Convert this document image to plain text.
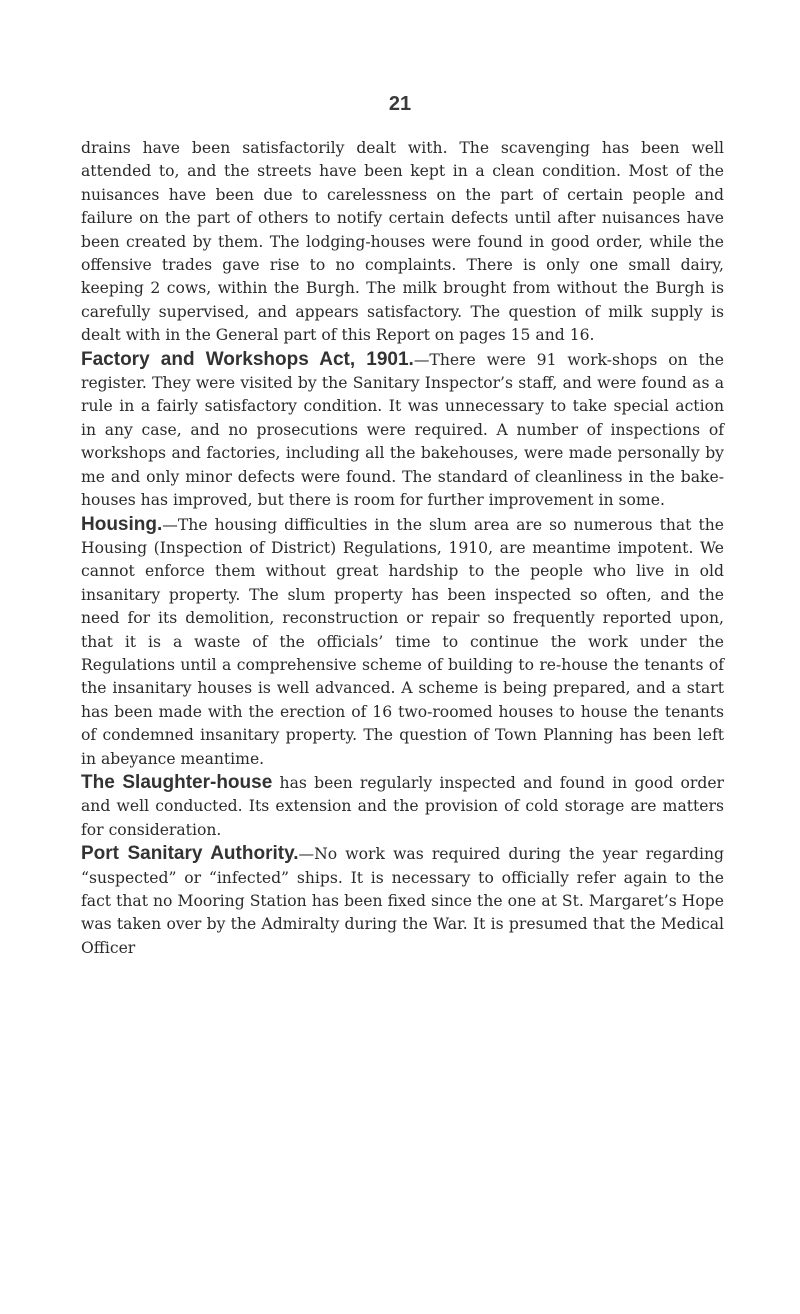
21

drains have been satisfactorily dealt with. The scavenging has been well attended to, and the streets have been kept in a clean condition. Most of the nuisances have been due to carelessness on the part of certain people and failure on the part of others to notify certain defects until after nuisances have been created by them. The lodging-houses were found in good order, while the offensive trades gave rise to no complaints. There is only one small dairy, keeping 2 cows, within the Burgh. The milk brought from without the Burgh is carefully supervised, and appears satisfactory. The question of milk supply is dealt with in the General part of this Report on pages 15 and 16.

Factory and Workshops Act, 1901.—There were 91 work-shops on the register. They were visited by the Sanitary Inspector’s staff, and were found as a rule in a fairly satisfactory condition. It was unnecessary to take special action in any case, and no prosecutions were required. A number of inspections of workshops and factories, including all the bakehouses, were made personally by me and only minor defects were found. The standard of cleanliness in the bake-houses has improved, but there is room for further improvement in some.

Housing.—The housing difficulties in the slum area are so numerous that the Housing (Inspection of District) Regulations, 1910, are meantime impotent. We cannot enforce them without great hardship to the people who live in old insanitary property. The slum property has been inspected so often, and the need for its demolition, reconstruction or repair so frequently reported upon, that it is a waste of the officials’ time to continue the work under the Regulations until a comprehensive scheme of building to re-house the tenants of the insanitary houses is well advanced. A scheme is being prepared, and a start has been made with the erection of 16 two-roomed houses to house the tenants of condemned insanitary property. The question of Town Planning has been left in abeyance meantime.

The Slaughter-house has been regularly inspected and found in good order and well conducted. Its extension and the provision of cold storage are matters for consideration.

Port Sanitary Authority.—No work was required during the year regarding “suspected” or “infected” ships. It is necessary to officially refer again to the fact that no Mooring Station has been fixed since the one at St. Margaret’s Hope was taken over by the Admiralty during the War. It is presumed that the Medical Officer
